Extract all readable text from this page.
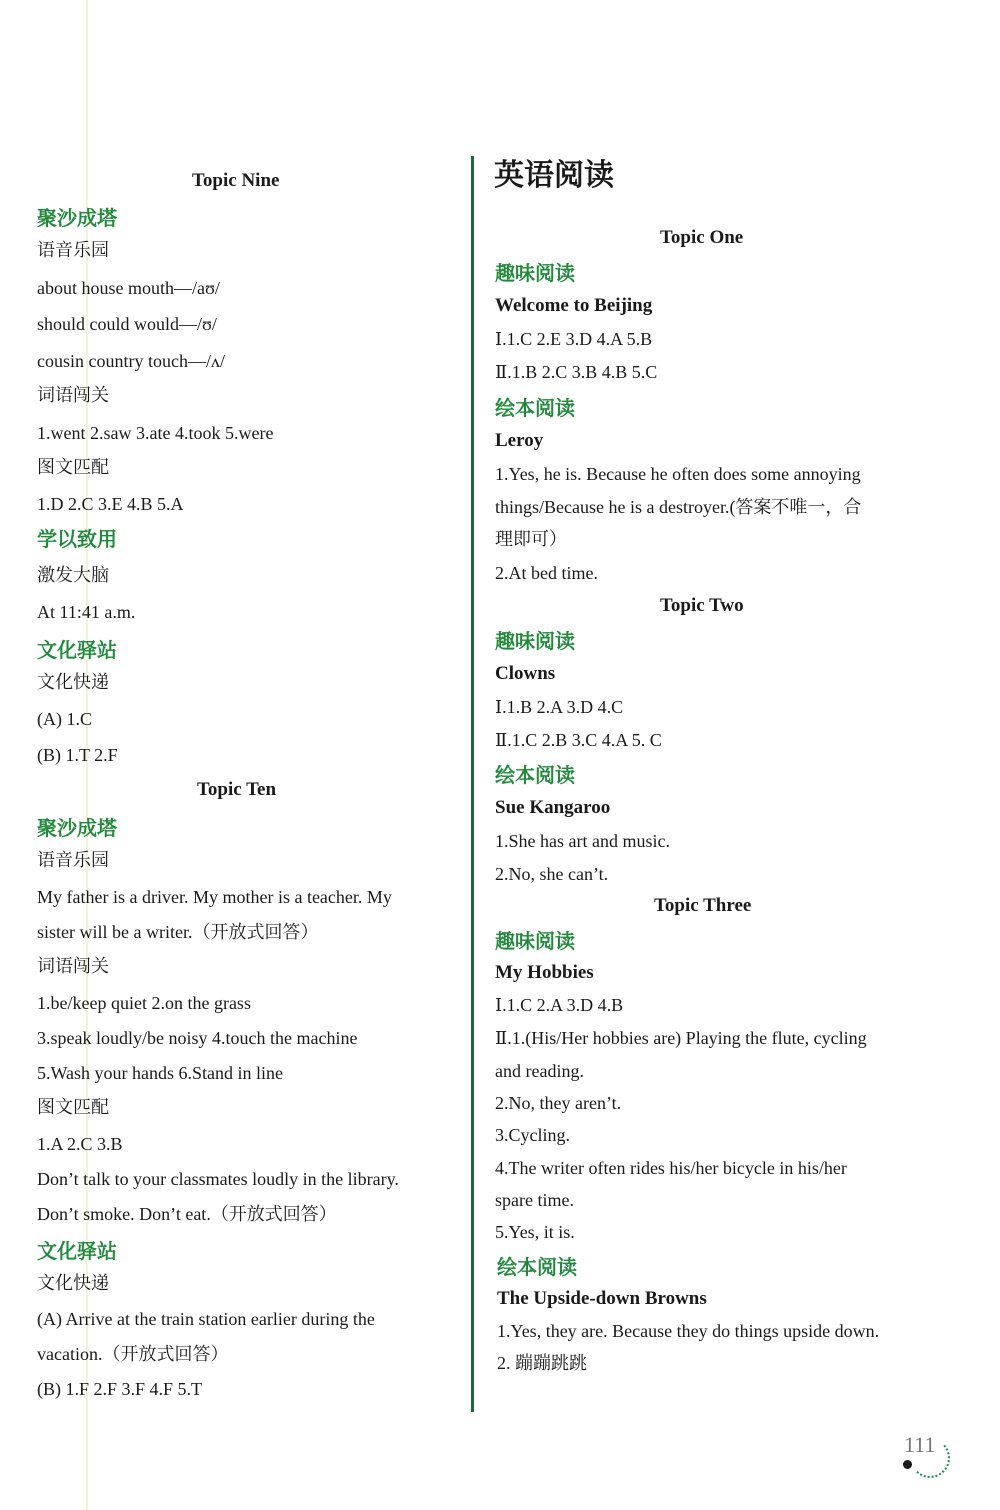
Topic Nine
聚沙成塔
语音乐园
about house mouth—/aʊ/
should could would—/ʊ/
cousin country touch—/ʌ/
词语闯关
1.went 2.saw 3.ate 4.took 5.were
图文匹配
1.D 2.C 3.E 4.B 5.A
学以致用
激发大脑
At 11:41 a.m.
文化驿站
文化快递
(A) 1.C
(B) 1.T 2.F
Topic Ten
聚沙成塔
语音乐园
My father is a driver. My mother is a teacher. My
sister will be a writer.（开放式回答）
词语闯关
1.be/keep quiet 2.on the grass
3.speak loudly/be noisy 4.touch the machine
5.Wash your hands 6.Stand in line
图文匹配
1.A 2.C 3.B
Don’t talk to your classmates loudly in the library.
Don’t smoke. Don’t eat.（开放式回答）
文化驿站
文化快递
(A) Arrive at the train station earlier during the
vacation.（开放式回答）
(B) 1.F 2.F 3.F 4.F 5.T
英语阅读
Topic One
趣味阅读
Welcome to Beijing
Ⅰ.1.C 2.E 3.D 4.A 5.B
Ⅱ.1.B 2.C 3.B 4.B 5.C
绘本阅读
Leroy
1.Yes, he is. Because he often does some annoying
things/Because he is a destroyer.(答案不唯一，合
理即可）
2.At bed time.
Topic Two
趣味阅读
Clowns
Ⅰ.1.B 2.A 3.D 4.C
Ⅱ.1.C 2.B 3.C 4.A 5. C
绘本阅读
Sue Kangaroo
1.She has art and music.
2.No, she can’t.
Topic Three
趣味阅读
My Hobbies
Ⅰ.1.C 2.A 3.D 4.B
Ⅱ.1.(His/Her hobbies are) Playing the flute, cycling
and reading.
2.No, they aren’t.
3.Cycling.
4.The writer often rides his/her bicycle in his/her
spare time.
5.Yes, it is.
绘本阅读
The Upside-down Browns
1.Yes, they are. Because they do things upside down.
2. 蹦蹦跳跳
111
